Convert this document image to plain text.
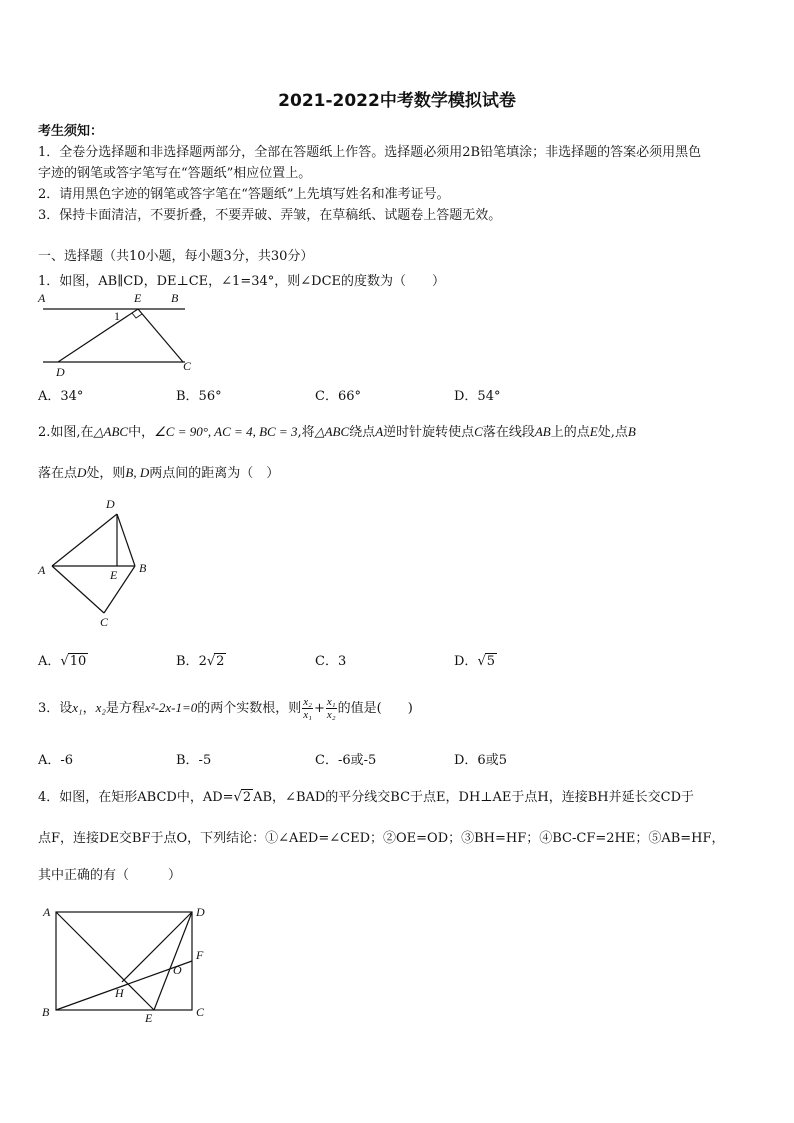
2021-2022中考数学模拟试卷
考生须知：
1．全卷分选择题和非选择题两部分，全部在答题纸上作答。选择题必须用2B铅笔填涂；非选择题的答案必须用黑色
字迹的钢笔或答字笔写在“答题纸”相应位置上。
2．请用黑色字迹的钢笔或答字笔在“答题纸”上先填写姓名和准考证号。
3．保持卡面清洁，不要折叠，不要弄破、弄皱，在草稿纸、试题卷上答题无效。
一、选择题（共10小题，每小题3分，共30分）
1．如图，AB∥CD，DE⊥CE，∠1=34°，则∠DCE的度数为（　　）
A	E B
1
D	C
A．34°	B．56°	C．66°	D．54°
2.如图,在△ABC中，∠C = 90°, AC = 4, BC = 3,将△ABC绕点A逆时针旋转使点C落在线段AB上的点E处,点B
落在点D处，则B, D两点间的距离为（　）
D
A	E B
C
A．√10	B．2√2	C．3	D．√5
3．设x₁，x₂是方程x²-2x-1=0的两个实数根，则 $\frac{\text{x₂}}{\text{x₁}} + \frac{\text{x₁}}{\text{x₂}}$ 的值是(　　)
A．-6	B．-5	C．-6或-5	D．6或5
4．如图，在矩形ABCD中，AD=√2 AB，∠BAD的平分线交BC于点E，DH⊥AE于点H，连接BH并延长交CD于
点F，连接DE交BF于点O，下列结论：①∠AED=∠CED；②OE=OD；③BH=HF；④BC-CF=2HE；⑤AB=HF，
其中正确的有（　　　）
A	D
F
O
H
B	E	C
